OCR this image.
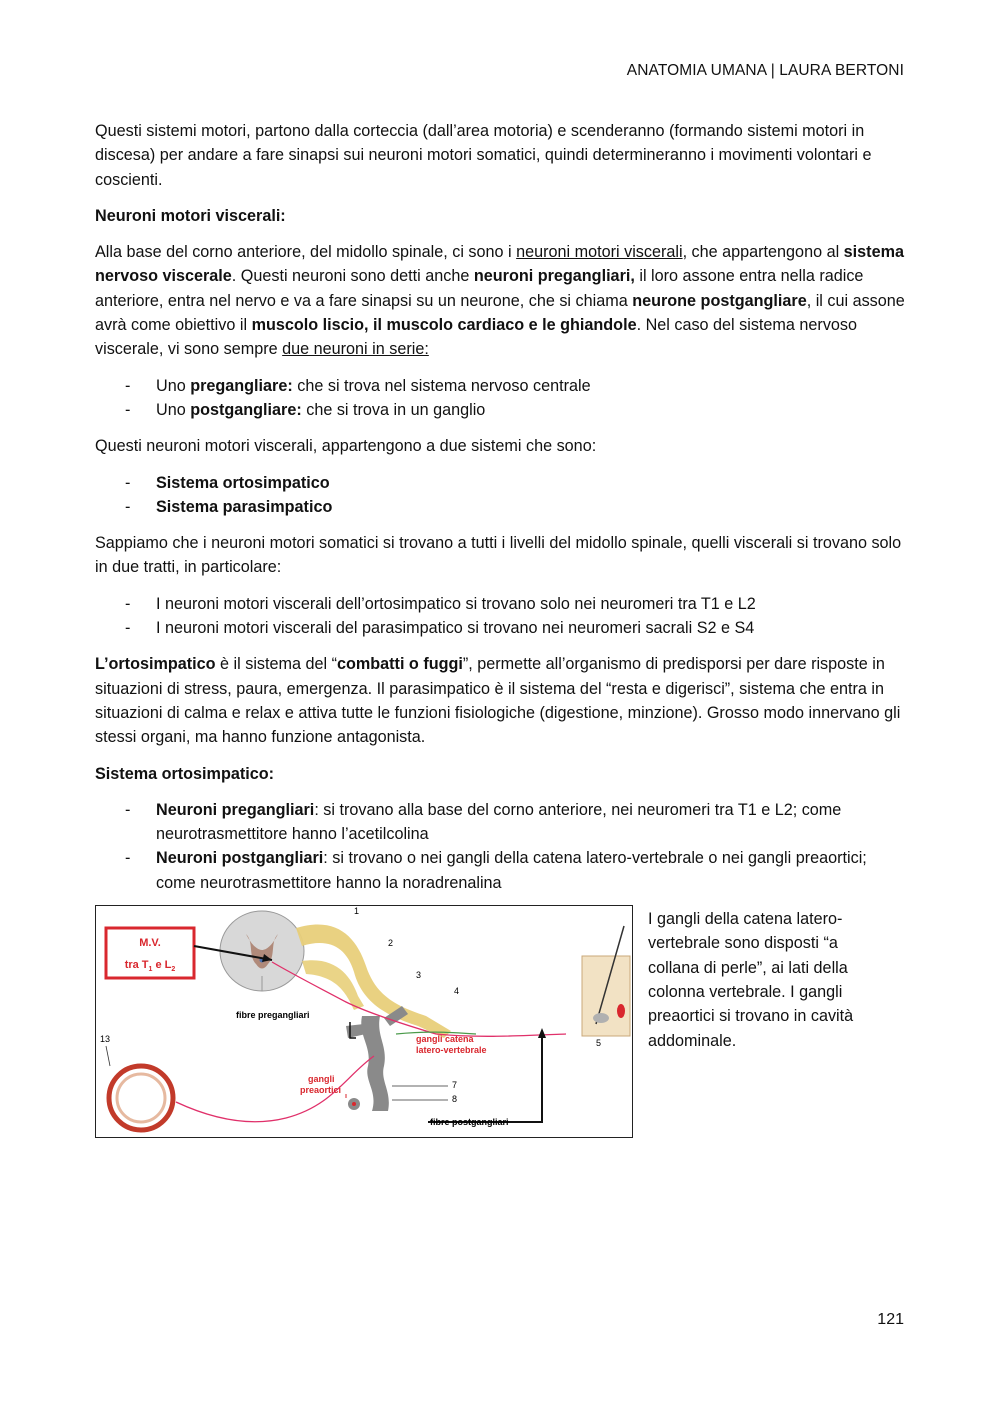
ANATOMIA UMANA | LAURA BERTONI

Questi sistemi motori, partono dalla corteccia (dall’area motoria) e scenderanno (formando sistemi motori in discesa) per andare a fare sinapsi sui neuroni motori somatici, quindi determineranno i movimenti volontari e coscienti.

Neuroni motori viscerali:

Alla base del corno anteriore, del midollo spinale, ci sono i neuroni motori viscerali, che appartengono al sistema nervoso viscerale. Questi neuroni sono detti anche neuroni pregangliari, il loro assone entra nella radice anteriore, entra nel nervo e va a fare sinapsi su un neurone, che si chiama neurone postgangliare, il cui assone avrà come obiettivo il muscolo liscio, il muscolo cardiaco e le ghiandole. Nel caso del sistema nervoso viscerale, vi sono sempre due neuroni in serie:

- Uno pregangliare: che si trova nel sistema nervoso centrale
- Uno postgangliare: che si trova in un ganglio

Questi neuroni motori viscerali, appartengono a due sistemi che sono:

- Sistema ortosimpatico
- Sistema parasimpatico

Sappiamo che i neuroni motori somatici si trovano a tutti i livelli del midollo spinale, quelli viscerali si trovano solo in due tratti, in particolare:

- I neuroni motori viscerali dell’ortosimpatico si trovano solo nei neuromeri tra T1 e L2
- I neuroni motori viscerali del parasimpatico si trovano nei neuromeri sacrali S2 e S4

L’ortosimpatico è il sistema del “combatti o fuggi”, permette all’organismo di predisporsi per dare risposte in situazioni di stress, paura, emergenza. Il parasimpatico è il sistema del “resta e digerisci”, sistema che entra in situazioni di calma e relax e attiva tutte le funzioni fisiologiche (digestione, minzione). Grosso modo innervano gli stessi organi, ma hanno funzione antagonista.

Sistema ortosimpatico:

- Neuroni pregangliari: si trovano alla base del corno anteriore, nei neuromeri tra T1 e L2; come neurotrasmettitore hanno l’acetilcolina
- Neuroni postgangliari: si trovano o nei gangli della catena latero-vertebrale o nei gangli preaortici; come neurotrasmettitore hanno la noradrenalina
M.V.
tra $T_1$ e $L_2$
fibre pregangliari
gangli catena
latero-vertebrale
gangli
preaortici
fibre postgangliari
1
2
3
4
5
7
8
13
I gangli della catena latero-vertebrale sono disposti “a collana di perle”, ai lati della colonna vertebrale. I gangli preaortici si trovano in cavità addominale.
121
